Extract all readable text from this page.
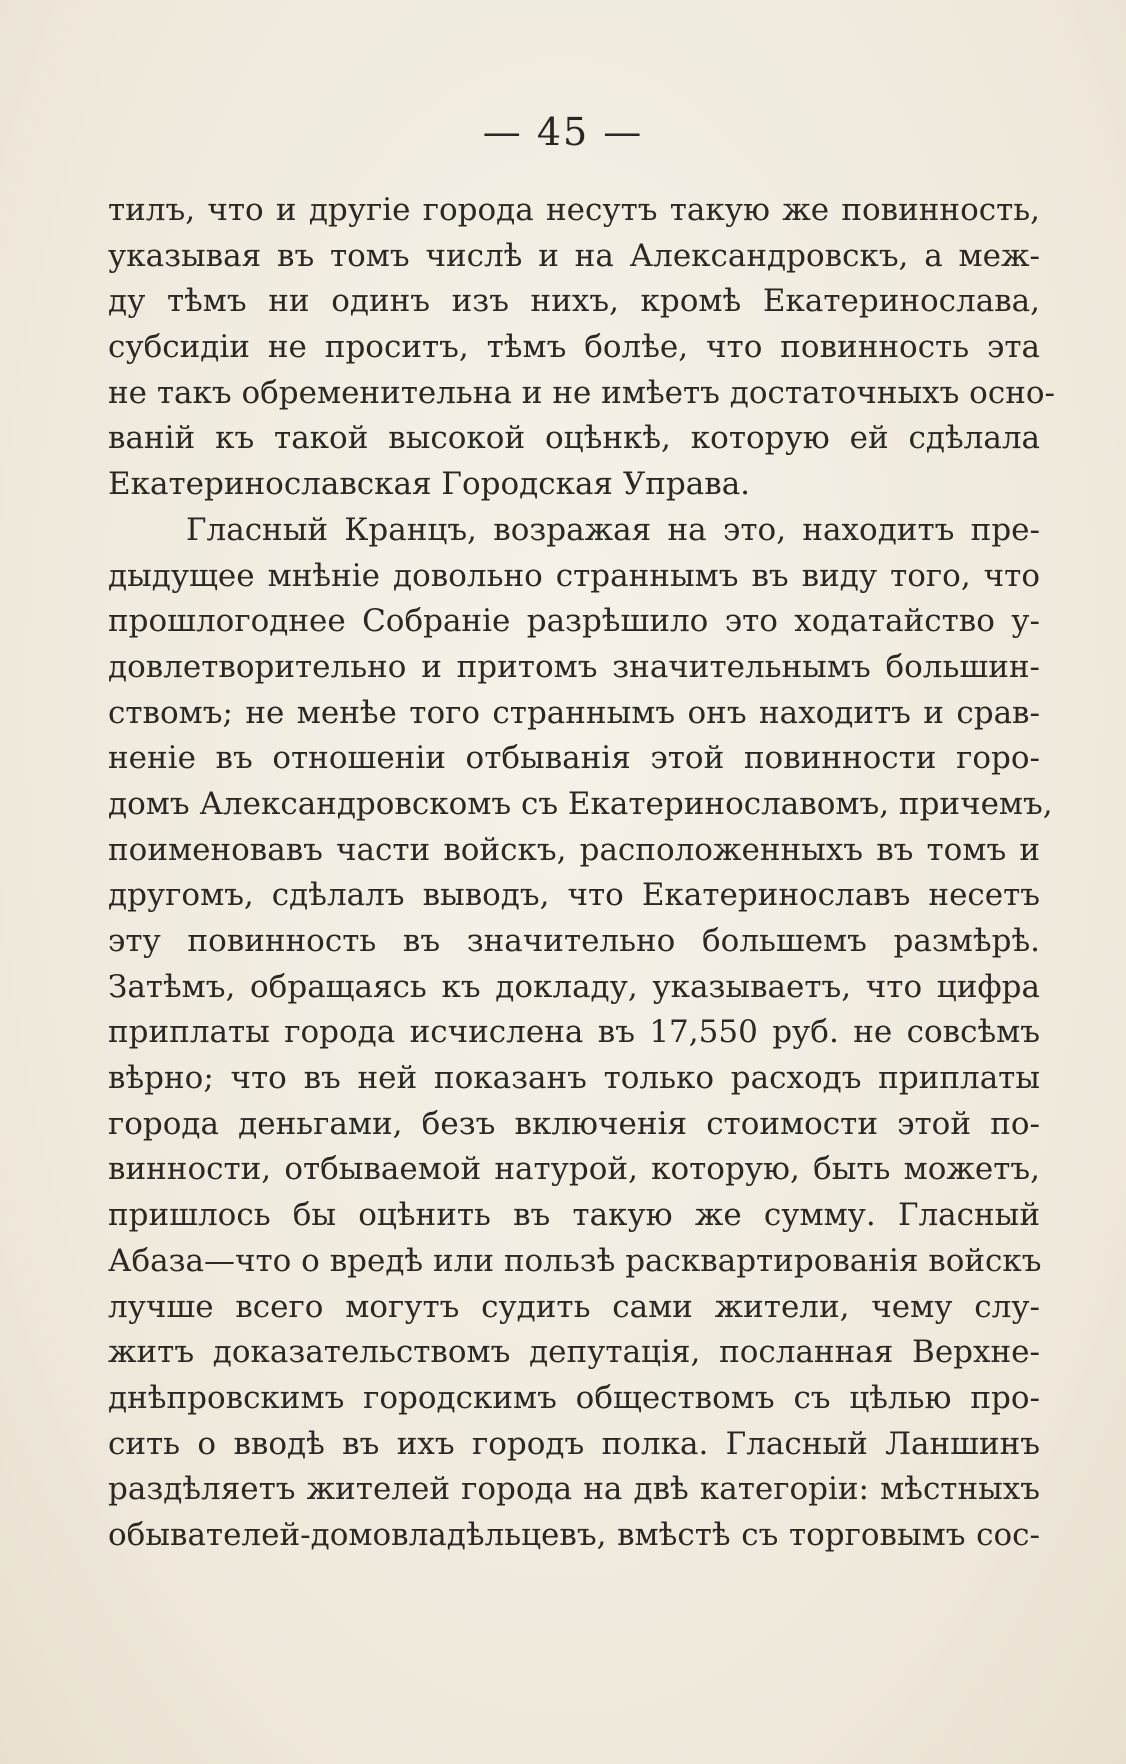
— 45 —
тилъ, что и другіе города несутъ такую же повинность,
указывая въ томъ числѣ и на Александровскъ, а меж-
ду тѣмъ ни одинъ изъ нихъ, кромѣ Екатеринослава,
субсидіи не проситъ, тѣмъ болѣе, что повинность эта
не такъ обременительна и не имѣетъ достаточныхъ осно-
ваній къ такой высокой оцѣнкѣ, которую ей сдѣлала
Екатеринославская Городская Управа.
Гласный Кранцъ, возражая на это, находитъ пре-
дыдущее мнѣніе довольно страннымъ въ виду того, что
прошлогоднее Собраніе разрѣшило это ходатайство у-
довлетворительно и притомъ значительнымъ большин-
ствомъ; не менѣе того страннымъ онъ находитъ и срав-
неніе въ отношеніи отбыванія этой повинности горо-
домъ Александровскомъ съ Екатеринославомъ, причемъ,
поименовавъ части войскъ, расположенныхъ въ томъ и
другомъ, сдѣлалъ выводъ, что Екатеринославъ несетъ
эту повинность въ значительно большемъ размѣрѣ.
Затѣмъ, обращаясь къ докладу, указываетъ, что цифра
приплаты города исчислена въ 17,550 руб. не совсѣмъ
вѣрно; что въ ней показанъ только расходъ приплаты
города деньгами, безъ включенія стоимости этой по-
винности, отбываемой натурой, которую, быть можетъ,
пришлось бы оцѣнить въ такую же сумму. Гласный
Абаза—что о вредѣ или пользѣ расквартированія войскъ
лучше всего могутъ судить сами жители, чему слу-
житъ доказательствомъ депутація, посланная Верхне-
днѣпровскимъ городскимъ обществомъ съ цѣлью про-
сить о вводѣ въ ихъ городъ полка. Гласный Ланшинъ
раздѣляетъ жителей города на двѣ категоріи: мѣстныхъ
обывателей-домовладѣльцевъ, вмѣстѣ съ торговымъ сос-
